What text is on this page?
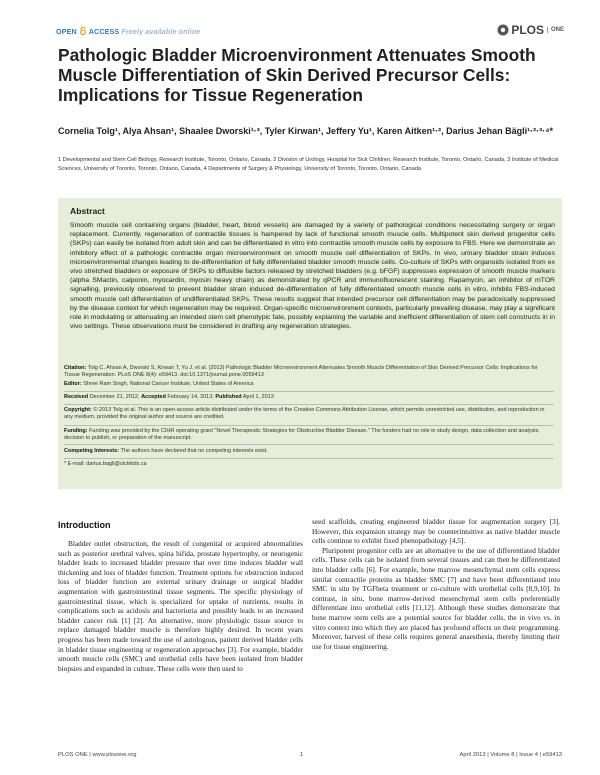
OPEN ACCESS Freely available online	PLOS	ONE
Pathologic Bladder Microenvironment Attenuates Smooth Muscle Differentiation of Skin Derived Precursor Cells: Implications for Tissue Regeneration
Cornelia Tolg¹, Alya Ahsan¹, Shaalee Dworski¹·³, Tyler Kirwan¹, Jeffery Yu¹, Karen Aitken¹·², Darius Jehan Bägli¹·²·³·⁴*
1 Developmental and Stem Cell Biology, Research Institute, Toronto, Ontario, Canada, 2 Division of Urology, Hospital for Sick Children, Research Institute, Toronto, Ontario, Canada, 3 Institute of Medical Sciences, University of Toronto, Toronto, Ontario, Canada, 4 Departments of Surgery & Physiology, University of Toronto, Toronto, Ontario, Canada
Abstract
Smooth muscle cell containing organs (bladder, heart, blood vessels) are damaged by a variety of pathological conditions necessitating surgery or organ replacement. Currently, regeneration of contractile tissues is hampered by lack of functional smooth muscle cells. Multipotent skin derived progenitor cells (SKPs) can easily be isolated from adult skin and can be differentiated in vitro into contractile smooth muscle cells by exposure to FBS. Here we demonstrate an inhibitory effect of a pathologic contractile organ microenvironment on smooth muscle cell differentiation of SKPs. In vivo, urinary bladder strain induces microenvironmental changes leading to de-differentiation of fully differentiated bladder smooth muscle cells. Co-culture of SKPs with organoids isolated from ex vivo stretched bladders or exposure of SKPs to diffusible factors released by stretched bladders (e.g. bFGF) suppresses expression of smooth muscle markers (alpha SMactin, calponin, myocardin, myosin heavy chain) as demonstrated by qPCR and immunofluorescent staining. Rapamycin, an inhibitor of mTOR signalling, previously observed to prevent bladder strain induced de-differentiation of fully differentiated smooth muscle cells in vitro, inhibits FBS-induced smooth muscle cell differentiation of undifferentiated SKPs. These results suggest that intended precursor cell differentiation may be paradoxically suppressed by the disease context for which regeneration may be required. Organ-specific microenvironment contexts, particularly prevailing disease, may play a significant role in modulating or attenuating an intended stem cell phenotypic fate, possibly explaining the variable and inefficient differentiation of stem cell constructs in in vivo settings. These observations must be considered in drafting any regeneration strategies.
Citation: Tolg C, Ahsan A, Dworski S, Kirwan T, Yu J, et al. (2013) Pathologic Bladder Microenvironment Attenuates Smooth Muscle Differentiation of Skin Derived Precursor Cells: Implications for Tissue Regeneration. PLoS ONE 8(4): e59413. doi:10.1371/journal.pone.0059413
Editor: Shree Ram Singh, National Cancer Institute, United States of America
Received December 21, 2012; Accepted February 14, 2013; Published April 1, 2013
Copyright: © 2013 Tolg et al. This is an open-access article distributed under the terms of the Creative Commons Attribution License, which permits unrestricted use, distribution, and reproduction in any medium, provided the original author and source are credited.
Funding: Funding was provided by the CIHR operating grant "Novel Therapeutic Strategies for Obstructive Bladder Disease." The funders had no role in study design, data collection and analysis, decision to publish, or preparation of the manuscript.
Competing Interests: The authors have declared that no competing interests exist.
* E-mail: darius.bagli@sickkids.ca
Introduction

Bladder outlet obstruction, the result of congenital or acquired abnormalities such as posterior urethral valves, spina bifida, prostate hypertrophy, or neurogenic bladder leads to increased bladder pressure that over time induces bladder wall thickening and loss of bladder function. Treatment options for obstruction induced loss of bladder function are external urinary drainage or surgical bladder augmentation with gastrointestinal tissue segments. The specific physiology of gastrointestinal tissue, which is specialized for uptake of nutrients, results in complications such as acidosis and bacteriuria and possibly leads to an increased bladder cancer risk [1] [2]. An alternative, more physiologic tissue source to replace damaged bladder muscle is therefore highly desired. In recent years progress has been made toward the use of autologous, patient derived bladder cells in bladder tissue engineering or regeneration approaches [3]. For example, bladder smooth muscle cells (SMC) and urothelial cells have been isolated from bladder biopsies and expanded in culture. These cells were then used to

seed scaffolds, creating engineered bladder tissue for augmentation surgery [3]. However, this expansion strategy may be counterintuitive as native bladder muscle cells continue to exhibit fixed phenopathology [4,5].

Pluripotent progenitor cells are an alternative to the use of differentiated bladder cells. These cells can be isolated from several tissues and can then be differentiated into bladder cells [6]. For example, bone marrow mesenchymal stem cells express similar contractile proteins as bladder SMC [7] and have been differentiated into SMC in situ by TGFbeta treatment or co-culture with urothelial cells [8,9,10]. In contrast, in situ, bone marrow-derived mesenchymal stem cells preferentially differentiate into urothelial cells [11,12]. Although these studies demonstrate that bone marrow stem cells are a potential source for bladder cells, the in vivo vs. in vitro context into which they are placed has profound effects on their programming. Moreover, harvest of these cells requires general anaesthesia, thereby limiting their use for tissue engineering.

PLOS ONE | www.plosone.org	1	April 2013 | Volume 8 | Issue 4 | e59413
